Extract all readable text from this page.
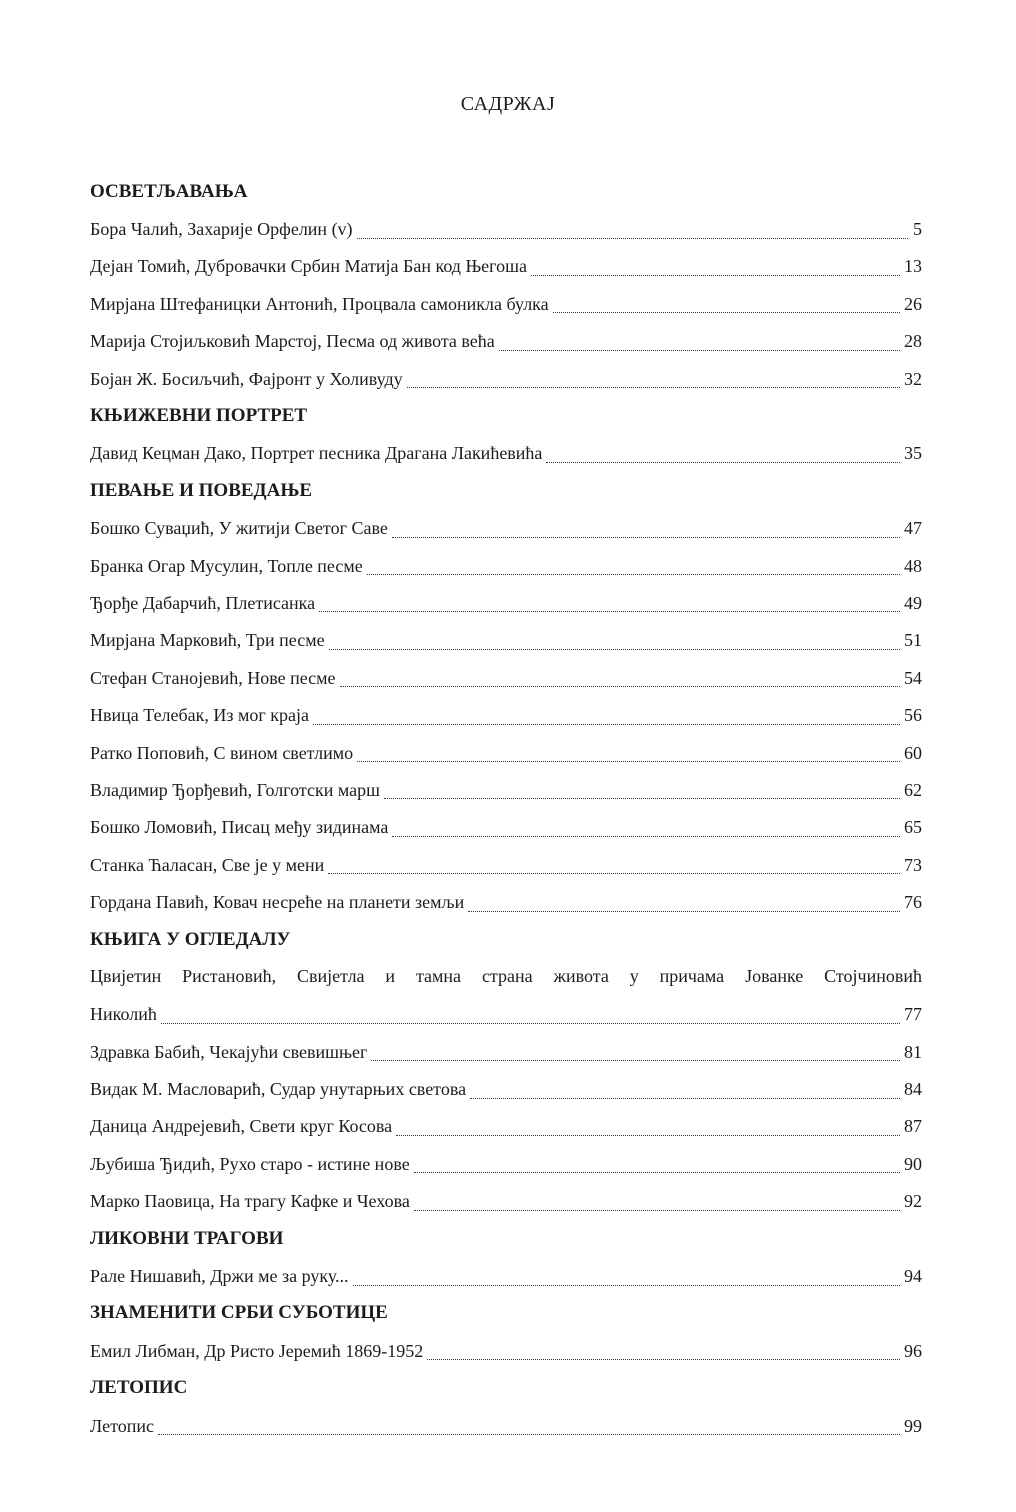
САДРЖАЈ
ОСВЕТЉАВАЊА
Бора Чалић, Захарије Орфелин (v)	5
Дејан Томић, Дубровачки Србин Матија Бан код Његоша	13
Мирјана Штефаницки Антонић, Процвала самоникла булка	26
Марија Стојиљковић Марстој, Песма од живота већа	28
Бојан Ж. Босиљчић, Фајронт у Холивуду	32
КЊИЖЕВНИ ПОРТРЕТ
Давид Кецман Дако, Портрет песника Драгана Лакићевића	35
ПЕВАЊЕ И ПОВЕДАЊЕ
Бошко Суваџић, У житији Светог Саве	47
Бранка Огар Мусулин, Топле песме	48
Ђорђе Дабарчић, Плетисанка	49
Мирјана Марковић, Три песме	51
Стефан Станојевић, Нове песме	54
Нвица Телебак, Из мог краја	56
Ратко Поповић, С вином светлимо	60
Владимир Ђорђевић, Голготски марш	62
Бошко Ломовић, Писац међу зидинама	65
Станка Ћаласан, Све је у мени	73
Гордана Павић, Ковач несреће на планети земљи	76
КЊИГА У ОГЛЕДАЛУ
Цвијетин Ристановић, Свијетла и тамна страна живота у причама Јованке Стојчиновић
Николић	77
Здравка Бабић, Чекајући свевишњег	81
Видак М. Масловарић, Судар унутарњих светова	84
Даница Андрејевић, Свети круг Косова	87
Љубиша Ђидић, Рухо старо - истине нове	90
Марко Паовица, На трагу Кафке и Чехова	92
ЛИКОВНИ ТРАГОВИ
Рале Нишавић, Држи ме за руку...	94
ЗНАМЕНИТИ СРБИ СУБОТИЦЕ
Емил Либман, Др Ристо Јеремић 1869-1952	96
ЛЕТОПИС
Летопис	99
